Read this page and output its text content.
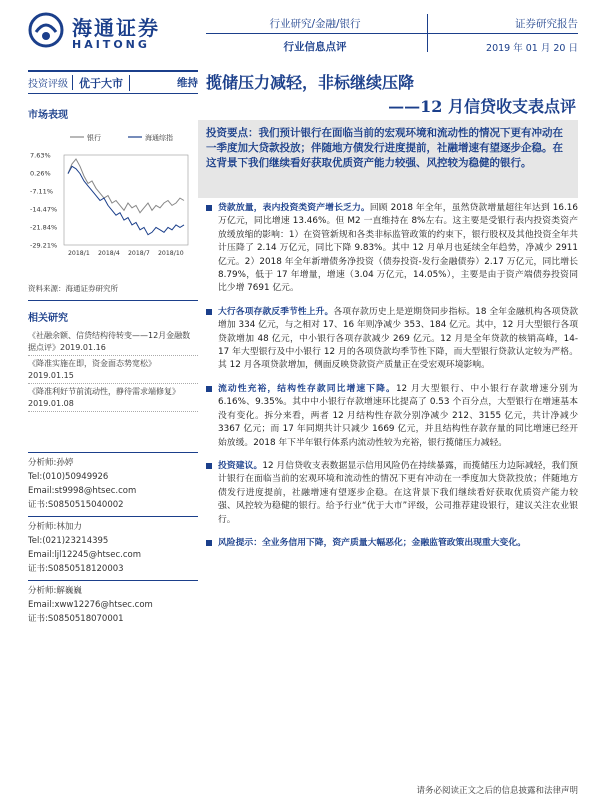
海通证券
HAITONG
行业研究/金融/银行
行业信息点评
证券研究报告
2019 年 01 月 20 日
投资评级	优于大市	维持
市场表现
银行	海通综指
7.63%
0.26%
-7.11%
-14.47%
-21.84%
-29.21%
2018/1 2018/4 2018/7 2018/10
资料来源：海通证券研究所
相关研究
《社融余额、信贷结构待转变——12月金融数据点评》2019.01.16
《降准实施在即，资金面态势宽松》2019.01.15
《降准利好节前流动性，静待需求端修复》2019.01.08
分析师:孙婷
Tel:(010)50949926
Email:st9998@htsec.com
证书:S0850515040002
分析师:林加力
Tel:(021)23214395
Email:ljl12245@htsec.com
证书:S0850518120003
分析师:解巍巍
Email:xww12276@htsec.com
证书:S0850518070001
揽储压力减轻，非标继续压降
——12 月信贷收支表点评

投资要点：我们预计银行在面临当前的宏观环境和流动性的情况下更有冲动在一季度加大贷款投放；伴随地方债发行进度提前，社融增速有望逐步企稳。在这背景下我们继续看好获取优质资产能力较强、风控较为稳健的银行。

贷款放量，表内投资类资产增长乏力。回顾 2018 年全年，虽然贷款增量超往年达到 16.16 万亿元，同比增速 13.46%。但 M2 一直维持在 8%左右。这主要是受银行表内投资类资产放缓放缩的影响：1）在资管新规和各类非标监管政策的约束下，银行股权及其他投资全年共计压降了 2.14 万亿元，同比下降 9.83%。其中 12 月单月也延续全年趋势，净减少 2911 亿元。2）2018 年全年新增债务净投资（债券投资-发行金融债券）2.17 万亿元，同比增长 8.79%，低于 17 年增量，增速（3.04 万亿元，14.05%），主要是由于资产端债券投资同比少增 7691 亿元。

大行各项存款反季节性上升。各项存款历史上是逆期贷同步指标。18 全年金融机构各项贷款增加 334 亿元，与之相对 17、16 年则净减少 353、184 亿元。其中，12 月大型银行各项贷款增加 48 亿元，中小银行各项存款减少 269 亿元。12 月是全年贷款的核销高峰，14-17 年大型银行及中小银行 12 月的各项贷款均季节性下降，而大型银行贷款认定较为严格。其 12 月各项贷款增加，侧面反映贷款资产质量正在受宏观环境影响。

流动性充裕，结构性存款同比增速下降。12 月大型银行、中小银行存款增速分别为 6.16%、9.35%。其中中小银行存款增速环比提高了 0.53 个百分点，大型银行在增速基本没有变化。拆分来看，两者 12 月结构性存款分别净减少 212、3155 亿元，共计净减少 3367 亿元；而 17 年同期共计只减少 1669 亿元，并且结构性存款存量的同比增速已经开始放缓。2018 年下半年银行体系内流动性较为充裕，银行揽储压力减轻。

投资建议。12 月信贷收支表数据显示信用风险仍在持续暴露，而揽储压力边际减轻，我们预计银行在面临当前的宏观环境和流动性的情况下更有冲动在一季度加大贷款投放；伴随地方债发行进度提前，社融增速有望逐步企稳。在这背景下我们继续看好获取优质资产能力较强、风控较为稳健的银行。给予行业“优于大市”评级，公司推荐建设银行，建议关注农业银行。

风险提示：全业务信用下降，资产质量大幅恶化；金融监管政策出现重大变化。

请务必阅读正文之后的信息披露和法律声明
